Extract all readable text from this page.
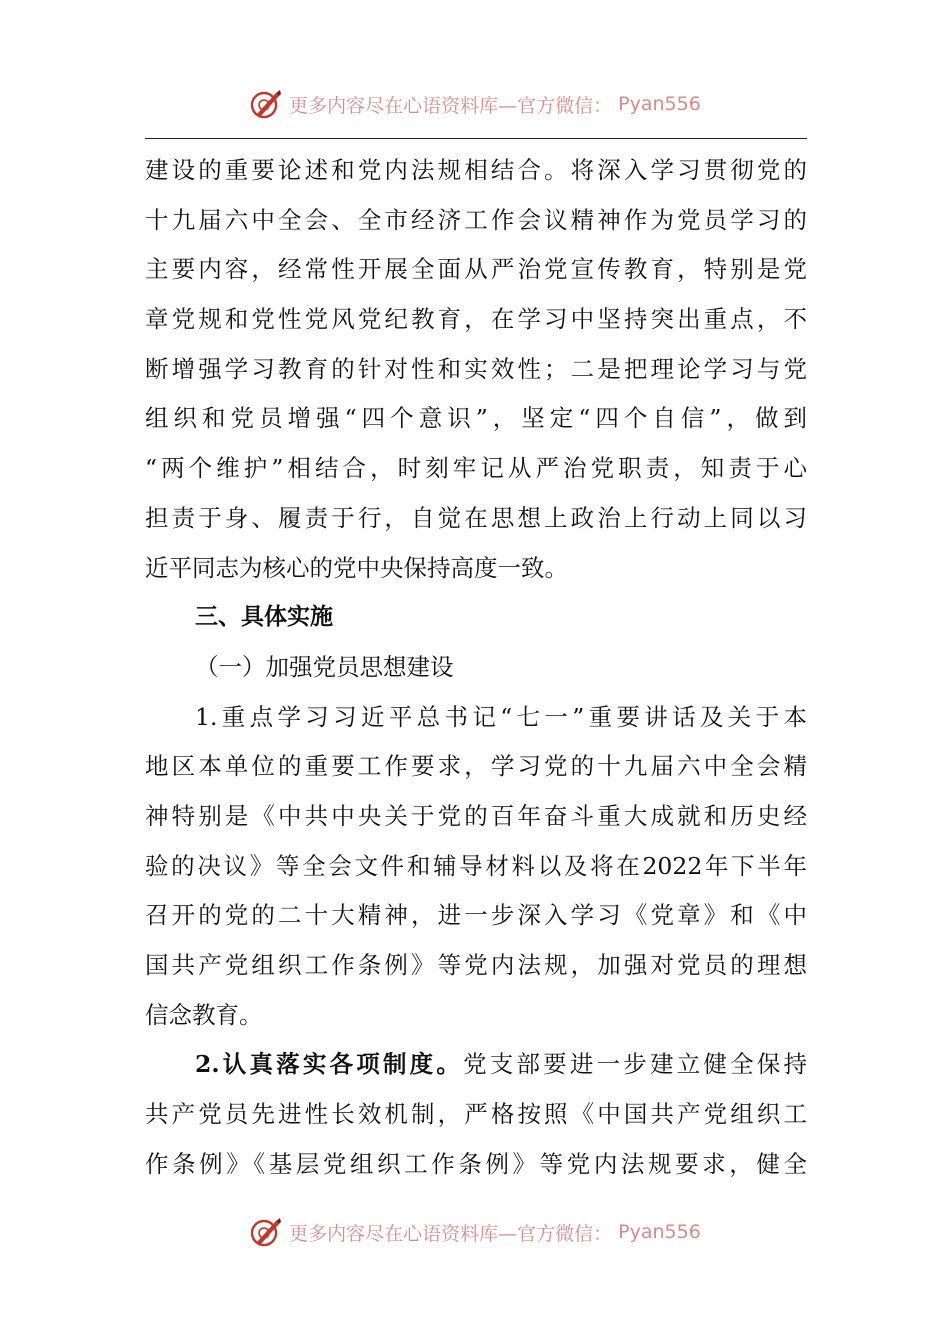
更多内容尽在心语资料库—官方微信： Pyan556
建设的重要论述和党内法规相结合。将深入学习贯彻党的
十九届六中全会、全市经济工作会议精神作为党员学习的
主要内容，经常性开展全面从严治党宣传教育，特别是党
章党规和党性党风党纪教育，在学习中坚持突出重点，不
断增强学习教育的针对性和实效性；二是把理论学习与党
组织和党员增强“四个意识”，坚定“四个自信”，做到
“两个维护”相结合，时刻牢记从严治党职责，知责于心
担责于身、履责于行，自觉在思想上政治上行动上同以习
近平同志为核心的党中央保持高度一致。
三、具体实施
（一）加强党员思想建设
1.重点学习习近平总书记“七一”重要讲话及关于本
地区本单位的重要工作要求，学习党的十九届六中全会精
神特别是《中共中央关于党的百年奋斗重大成就和历史经
验的决议》等全会文件和辅导材料以及将在2022年下半年
召开的党的二十大精神，进一步深入学习《党章》和《中
国共产党组织工作条例》等党内法规，加强对党员的理想
信念教育。
2.认真落实各项制度。党支部要进一步建立健全保持
共产党员先进性长效机制，严格按照《中国共产党组织工
作条例》《基层党组织工作条例》等党内法规要求，健全
更多内容尽在心语资料库—官方微信： Pyan556
